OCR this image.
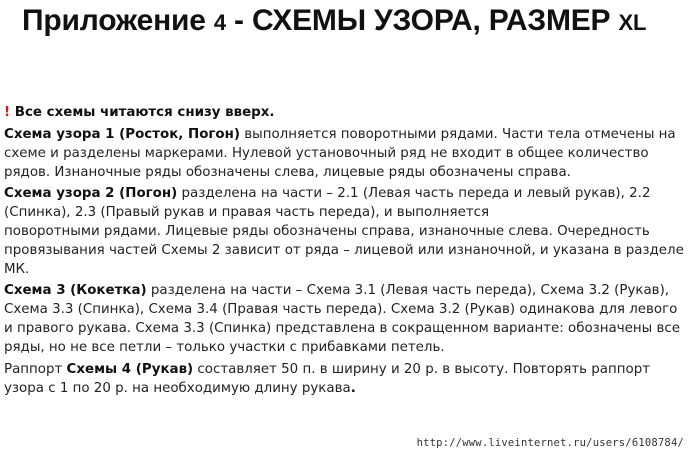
Приложение 4 - СХЕМЫ УЗОРА, РАЗМЕР XL

! Все схемы читаются снизу вверх.

Схема узора 1 (Росток, Погон) выполняется поворотными рядами. Части тела отмечены на схеме и разделены маркерами. Нулевой установочный ряд не входит в общее количество рядов. Изнаночные ряды обозначены слева, лицевые ряды обозначены справа.

Схема узора 2 (Погон) разделена на части – 2.1 (Левая часть переда и левый рукав), 2.2 (Спинка), 2.3 (Правый рукав и правая часть переда), и выполняется

поворотными рядами. Лицевые ряды обозначены справа, изнаночные слева. Очередность провязывания частей Схемы 2 зависит от ряда – лицевой или изнаночной, и указана в разделе МК.

Схема 3 (Кокетка) разделена на части – Схема 3.1 (Левая часть переда), Схема 3.2 (Рукав), Схема 3.3 (Спинка), Схема 3.4 (Правая часть переда). Схема 3.2 (Рукав) одинакова для левого и правого рукава. Схема 3.3 (Спинка) представлена в сокращенном варианте: обозначены все ряды, но не все петли – только участки с прибавками петель.

Раппорт Схемы 4 (Рукав) составляет 50 п. в ширину и 20 р. в высоту. Повторять раппорт узора с 1 по 20 р. на необходимую длину рукава.

http://www.liveinternet.ru/users/6108784/
